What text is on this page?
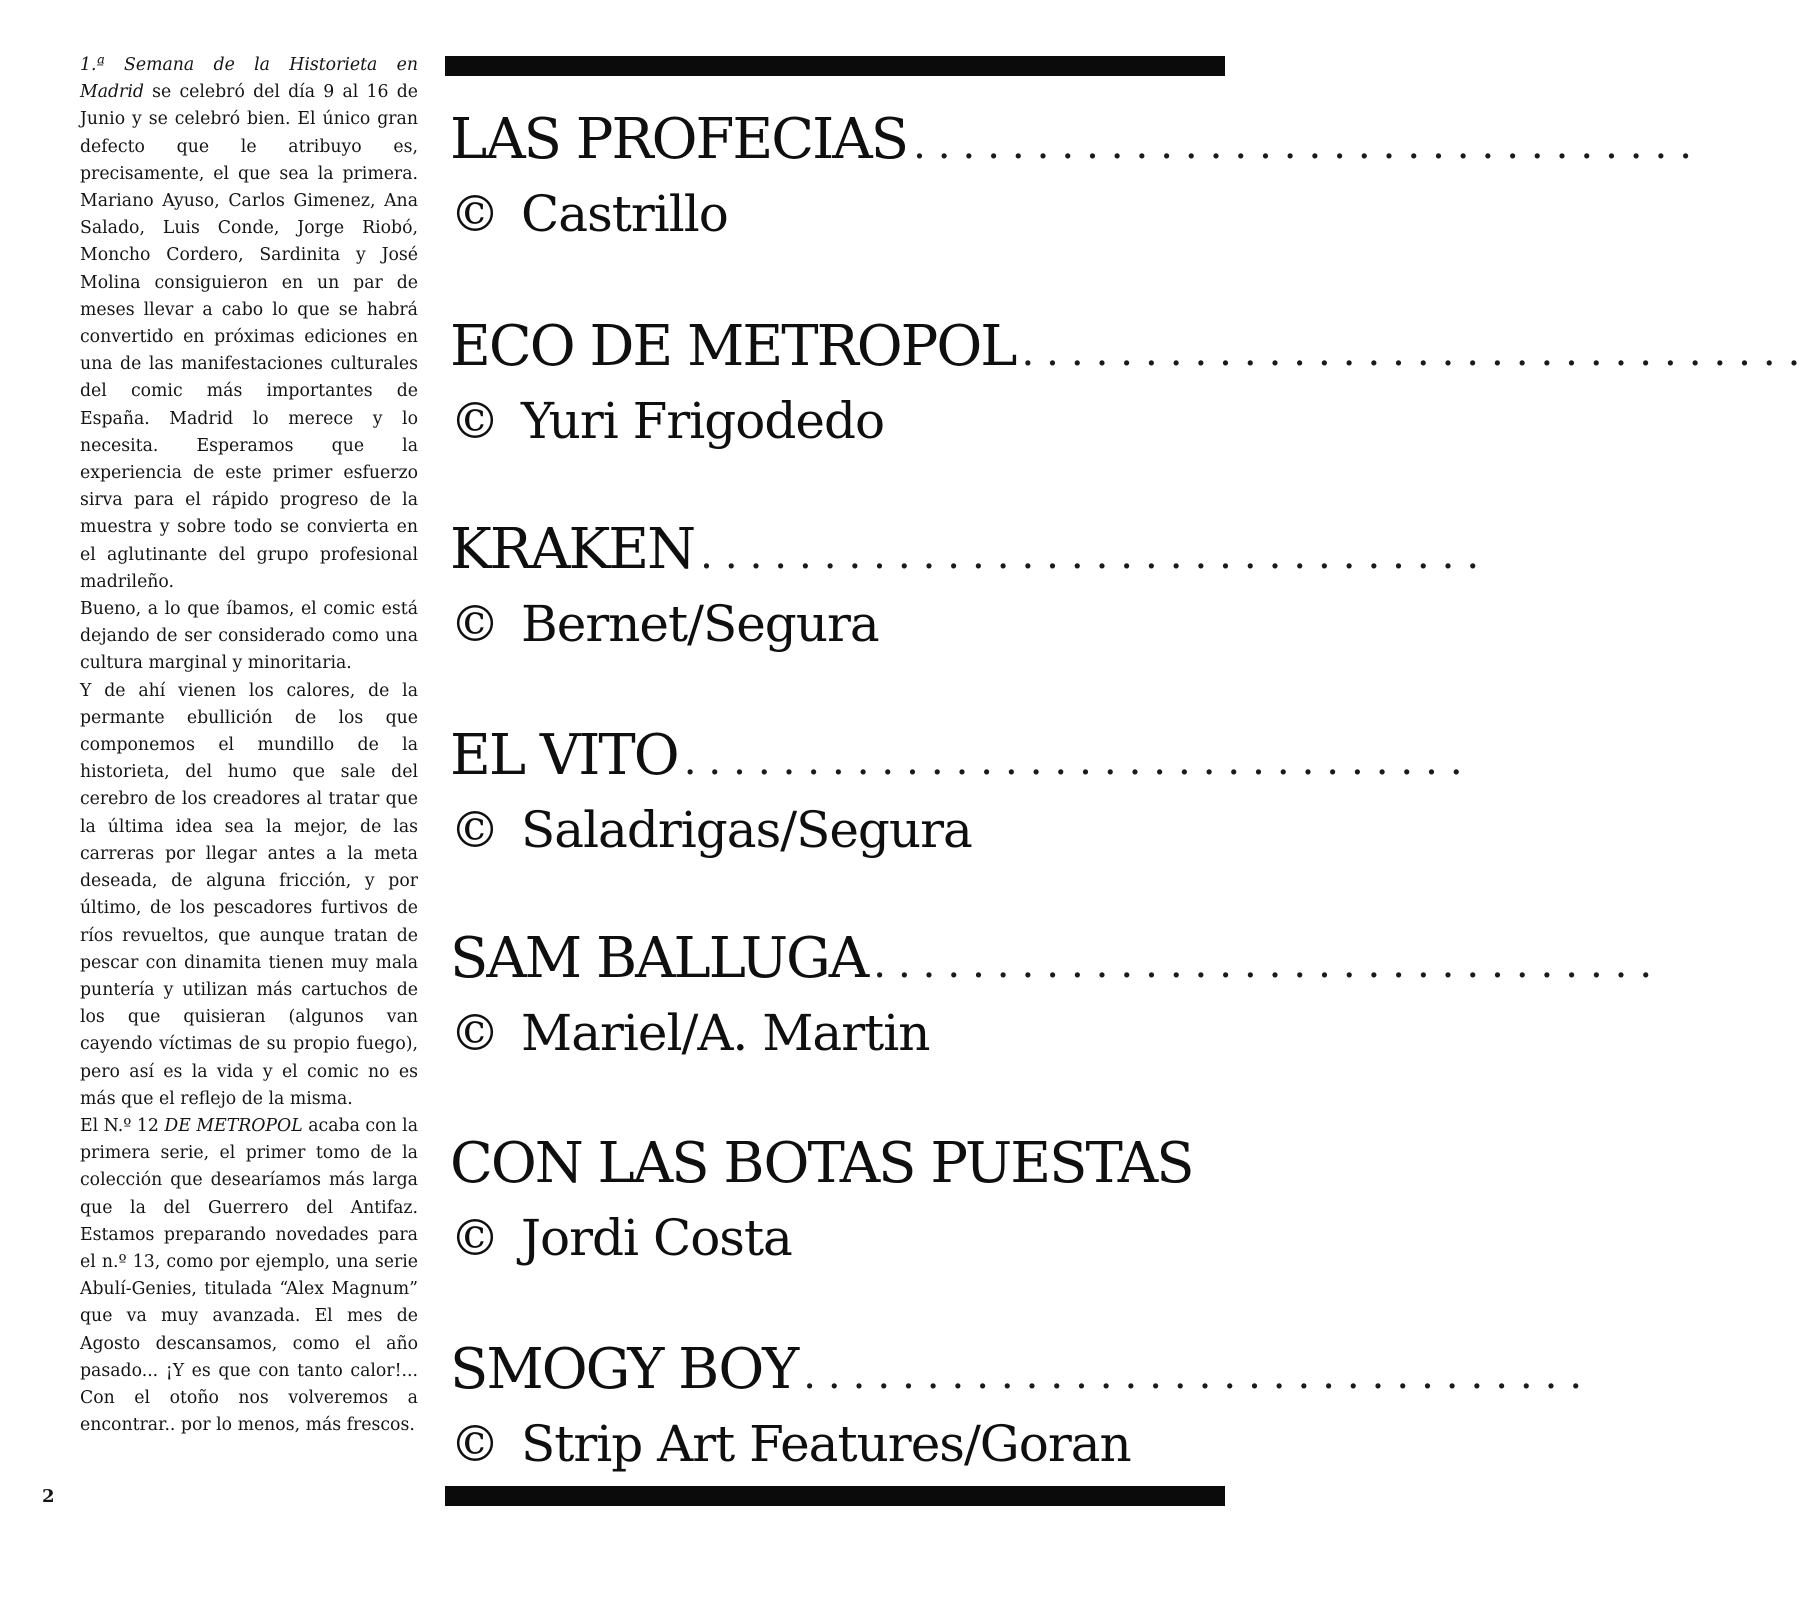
1.ª Semana de la Historieta en Madrid se celebró del día 9 al 16 de Junio y se celebró bien. El único gran defecto que le atribuyo es, precisamente, el que sea la primera. Mariano Ayuso, Carlos Gimenez, Ana Salado, Luis Conde, Jorge Riobó, Moncho Cordero, Sardinita y José Molina consiguieron en un par de meses llevar a cabo lo que se habrá convertido en próximas ediciones en una de las manifestaciones culturales del comic más importantes de España. Madrid lo merece y lo necesita. Esperamos que la experiencia de este primer esfuerzo sirva para el rápido progreso de la muestra y sobre todo se convierta en el aglutinante del grupo profesional madrileño.

Bueno, a lo que íbamos, el comic está dejando de ser considerado como una cultura marginal y minoritaria.

Y de ahí vienen los calores, de la permante ebullición de los que componemos el mundillo de la historieta, del humo que sale del cerebro de los creadores al tratar que la última idea sea la mejor, de las carreras por llegar antes a la meta deseada, de alguna fricción, y por último, de los pescadores furtivos de ríos revueltos, que aunque tratan de pescar con dinamita tienen muy mala puntería y utilizan más cartuchos de los que quisieran (algunos van cayendo víctimas de su propio fuego), pero así es la vida y el comic no es más que el reflejo de la misma.

El N.º 12 DE METROPOL acaba con la primera serie, el primer tomo de la colección que desearíamos más larga que la del Guerrero del Antifaz. Estamos preparando novedades para el n.º 13, como por ejemplo, una serie Abulí-Genies, titulada “Alex Magnum” que va muy avanzada. El mes de Agosto descansamos, como el año pasado... ¡Y es que con tanto calor!... Con el otoño nos volveremos a encontrar.. por lo menos, más frescos.

2
LAS PROFECIAS ................................
© Castrillo
ECO DE METROPOL ................................
© Yuri Frigodedo
KRAKEN ................................
© Bernet/Segura
EL VITO ................................
© Saladrigas/Segura
SAM BALLUGA ................................
© Mariel/A. Martin
CON LAS BOTAS PUESTAS
© Jordi Costa
SMOGY BOY ................................
© Strip Art Features/Goran
